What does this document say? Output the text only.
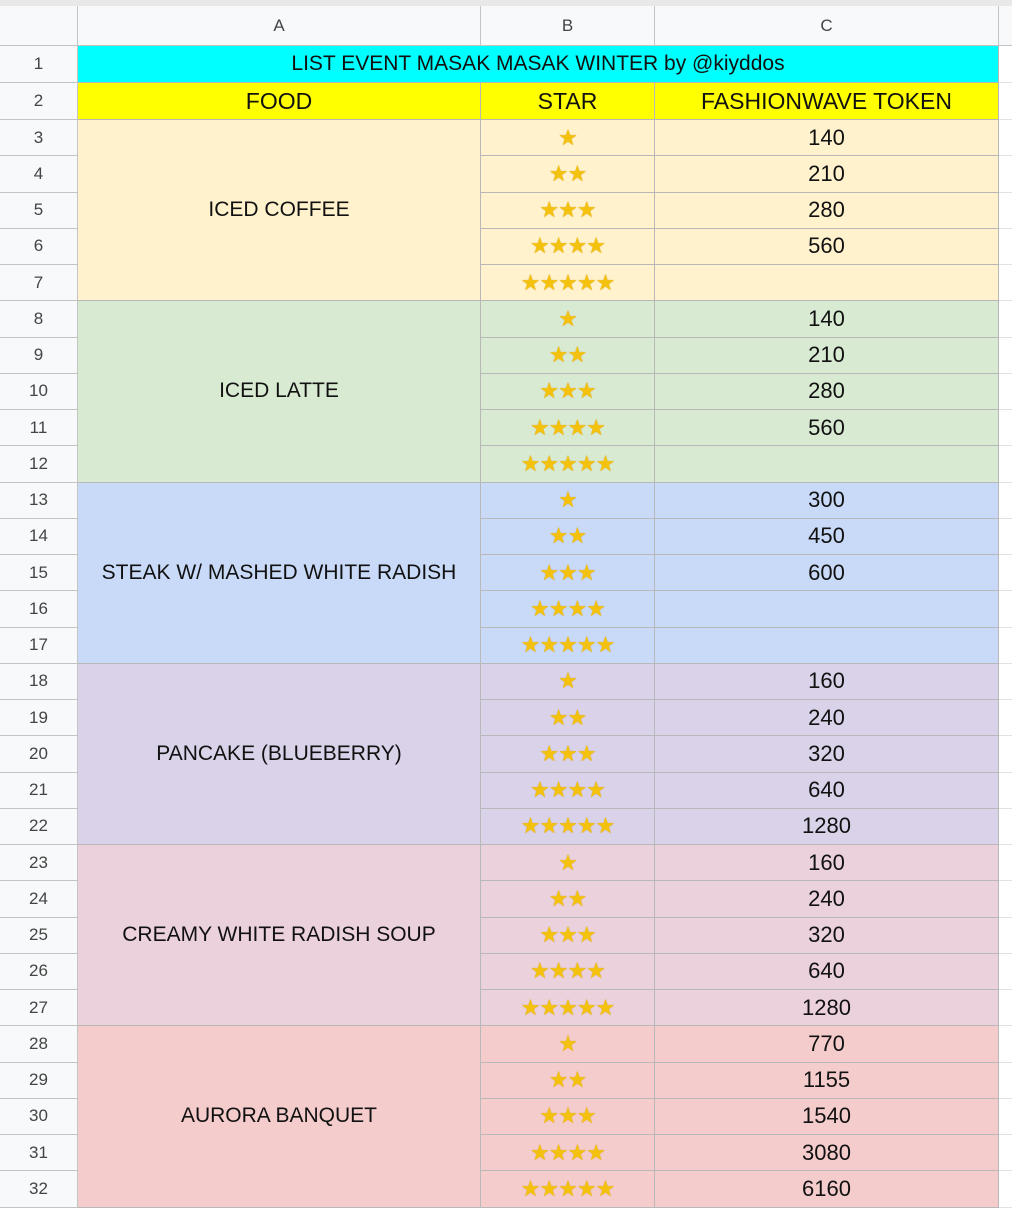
A	B	C
1	LIST EVENT MASAK MASAK WINTER by @kiyddos
2	FOOD	STAR	FASHIONWAVE TOKEN
ICED COFFEE
3	★	140
4	★ ★	210
5	★ ★ ★	280
6	★ ★ ★ ★	560
7	★ ★ ★ ★ ★
ICED LATTE
8	★	140
9	★ ★	210
10	★ ★ ★	280
11	★ ★ ★ ★	560
12	★ ★ ★ ★ ★
STEAK W/ MASHED WHITE RADISH
13	★	300
14	★ ★	450
15	★ ★ ★	600
16	★ ★ ★ ★
17	★ ★ ★ ★ ★
PANCAKE (BLUEBERRY)
18	★	160
19	★ ★	240
20	★ ★ ★	320
21	★ ★ ★ ★	640
22	★ ★ ★ ★ ★	1280
CREAMY WHITE RADISH SOUP
23	★	160
24	★ ★	240
25	★ ★ ★	320
26	★ ★ ★ ★	640
27	★ ★ ★ ★ ★	1280
AURORA BANQUET
28	★	770
29	★ ★	1155
30	★ ★ ★	1540
31	★ ★ ★ ★	3080
32	★ ★ ★ ★ ★	6160
